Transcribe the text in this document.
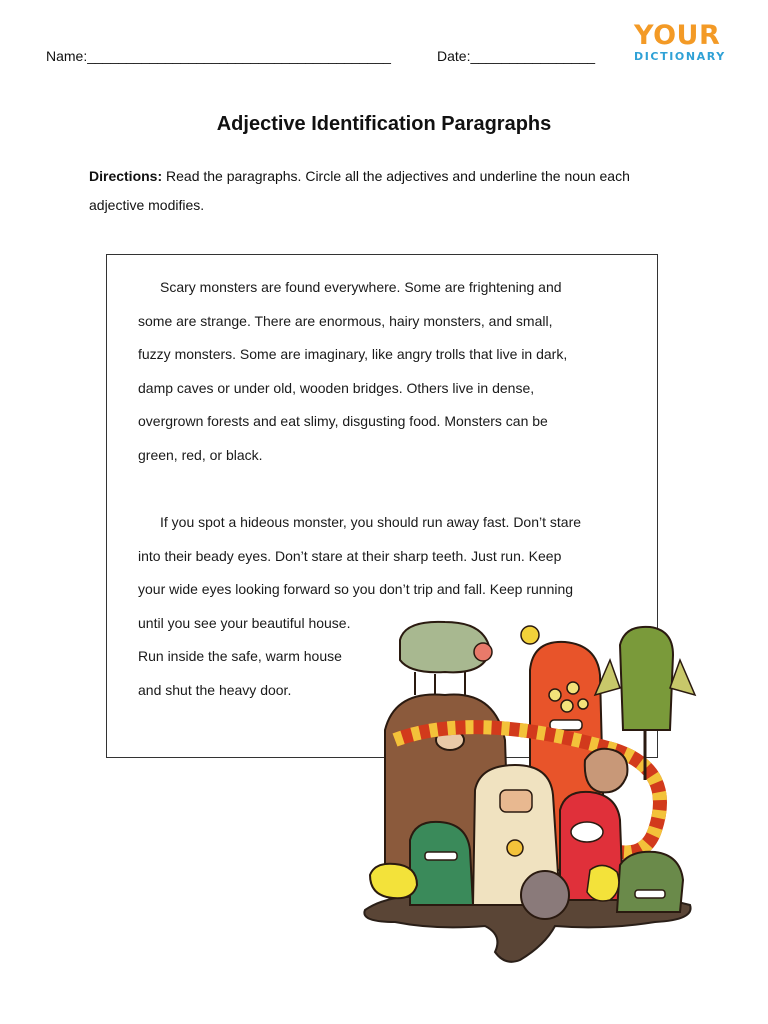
Name:_______________________________________	Date:________________
YOUR
DICTIONARY
Adjective Identification Paragraphs
Directions: Read the paragraphs. Circle all the adjectives and underline the noun each adjective modifies.
Scary monsters are found everywhere. Some are frightening and
some are strange. There are enormous, hairy monsters, and small,
fuzzy monsters. Some are imaginary, like angry trolls that live in dark,
damp caves or under old, wooden bridges. Others live in dense,
overgrown forests and eat slimy, disgusting food. Monsters can be
green, red, or black.
If you spot a hideous monster, you should run away fast. Don’t stare
into their beady eyes. Don’t stare at their sharp teeth. Just run. Keep
your wide eyes looking forward so you don’t trip and fall. Keep running
until you see your beautiful house.
Run inside the safe, warm house
and shut the heavy door.
